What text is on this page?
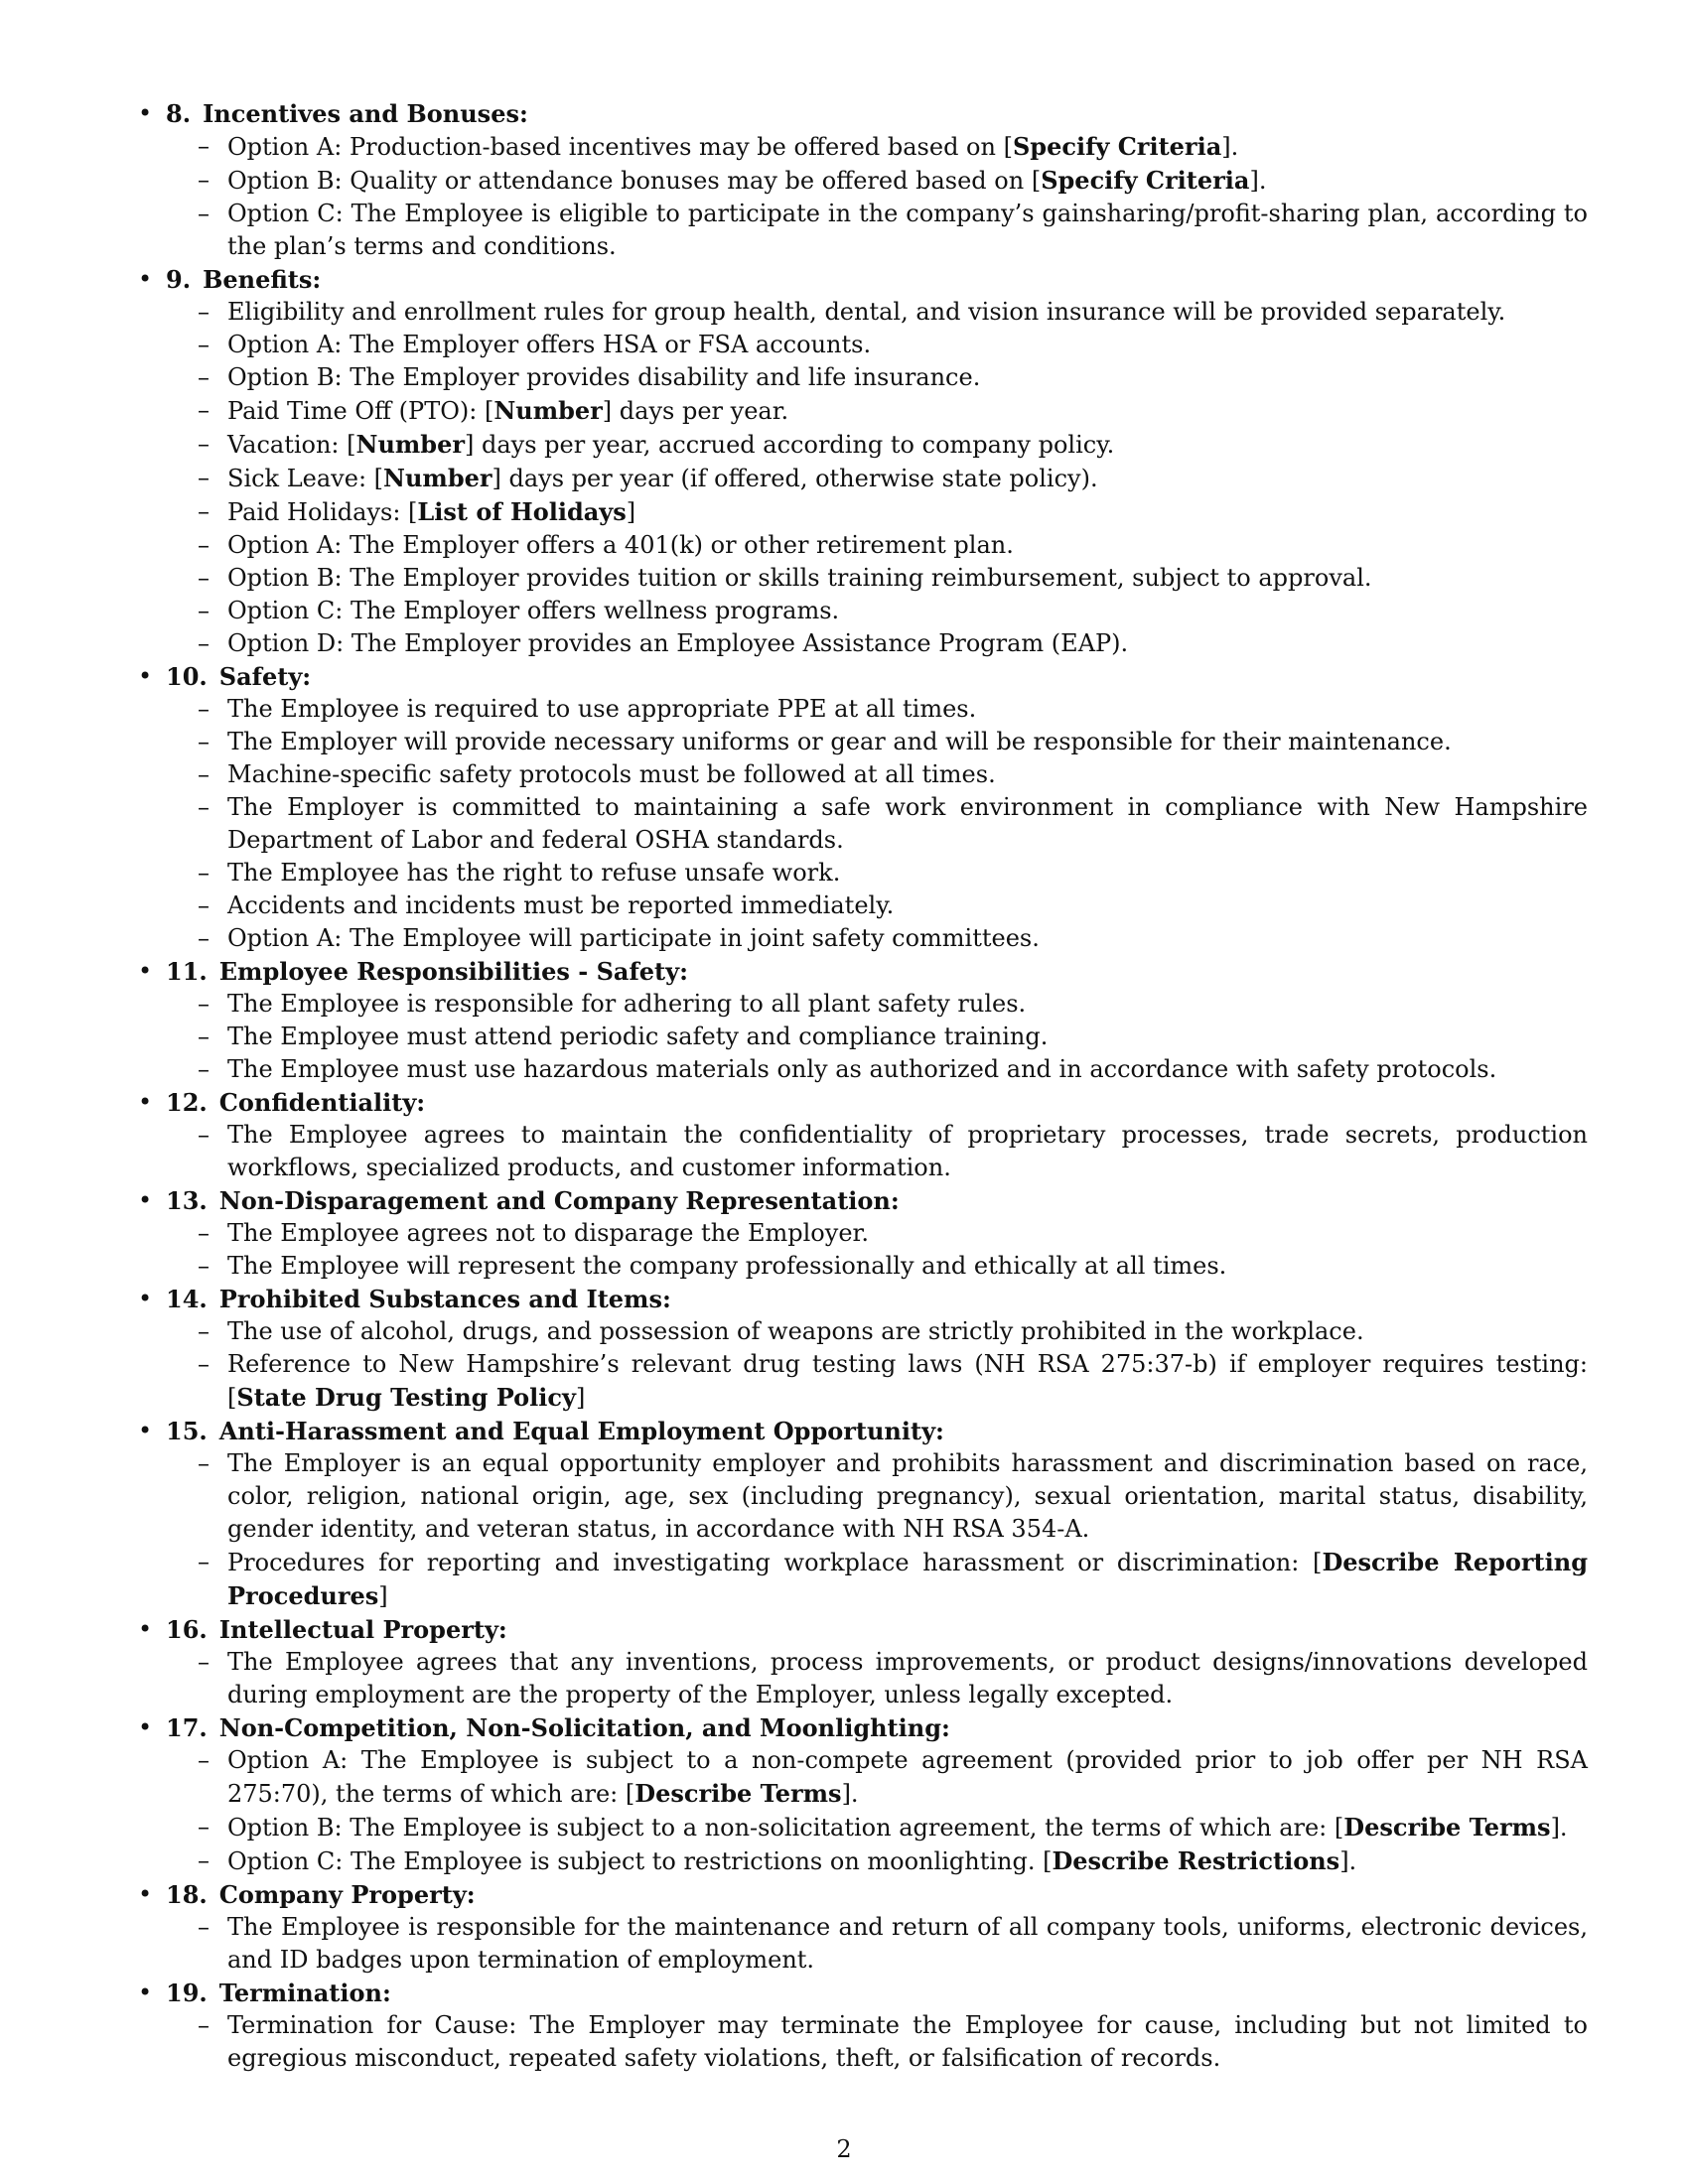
• 8. Incentives and Bonuses:
– Option A: Production-based incentives may be offered based on [Specify Criteria].
– Option B: Quality or attendance bonuses may be offered based on [Specify Criteria].
– Option C: The Employee is eligible to participate in the company’s gainsharing/profit-sharing plan, according to the plan’s terms and conditions.
• 9. Benefits:
– Eligibility and enrollment rules for group health, dental, and vision insurance will be provided separately.
– Option A: The Employer offers HSA or FSA accounts.
– Option B: The Employer provides disability and life insurance.
– Paid Time Off (PTO): [Number] days per year.
– Vacation: [Number] days per year, accrued according to company policy.
– Sick Leave: [Number] days per year (if offered, otherwise state policy).
– Paid Holidays: [List of Holidays]
– Option A: The Employer offers a 401(k) or other retirement plan.
– Option B: The Employer provides tuition or skills training reimbursement, subject to approval.
– Option C: The Employer offers wellness programs.
– Option D: The Employer provides an Employee Assistance Program (EAP).
• 10. Safety:
– The Employee is required to use appropriate PPE at all times.
– The Employer will provide necessary uniforms or gear and will be responsible for their maintenance.
– Machine-specific safety protocols must be followed at all times.
– The Employer is committed to maintaining a safe work environment in compliance with New Hampshire Department of Labor and federal OSHA standards.
– The Employee has the right to refuse unsafe work.
– Accidents and incidents must be reported immediately.
– Option A: The Employee will participate in joint safety committees.
• 11. Employee Responsibilities - Safety:
– The Employee is responsible for adhering to all plant safety rules.
– The Employee must attend periodic safety and compliance training.
– The Employee must use hazardous materials only as authorized and in accordance with safety protocols.
• 12. Confidentiality:
– The Employee agrees to maintain the confidentiality of proprietary processes, trade secrets, production workflows, specialized products, and customer information.
• 13. Non-Disparagement and Company Representation:
– The Employee agrees not to disparage the Employer.
– The Employee will represent the company professionally and ethically at all times.
• 14. Prohibited Substances and Items:
– The use of alcohol, drugs, and possession of weapons are strictly prohibited in the workplace.
– Reference to New Hampshire’s relevant drug testing laws (NH RSA 275:37-b) if employer requires testing: [State Drug Testing Policy]
• 15. Anti-Harassment and Equal Employment Opportunity:
– The Employer is an equal opportunity employer and prohibits harassment and discrimination based on race, color, religion, national origin, age, sex (including pregnancy), sexual orientation, marital status, disability, gender identity, and veteran status, in accordance with NH RSA 354-A.
– Procedures for reporting and investigating workplace harassment or discrimination: [Describe Reporting Procedures]
• 16. Intellectual Property:
– The Employee agrees that any inventions, process improvements, or product designs/innovations developed during employment are the property of the Employer, unless legally excepted.
• 17. Non-Competition, Non-Solicitation, and Moonlighting:
– Option A: The Employee is subject to a non-compete agreement (provided prior to job offer per NH RSA 275:70), the terms of which are: [Describe Terms].
– Option B: The Employee is subject to a non-solicitation agreement, the terms of which are: [Describe Terms].
– Option C: The Employee is subject to restrictions on moonlighting. [Describe Restrictions].
• 18. Company Property:
– The Employee is responsible for the maintenance and return of all company tools, uniforms, electronic devices, and ID badges upon termination of employment.
• 19. Termination:
– Termination for Cause: The Employer may terminate the Employee for cause, including but not limited to egregious misconduct, repeated safety violations, theft, or falsification of records.
2
